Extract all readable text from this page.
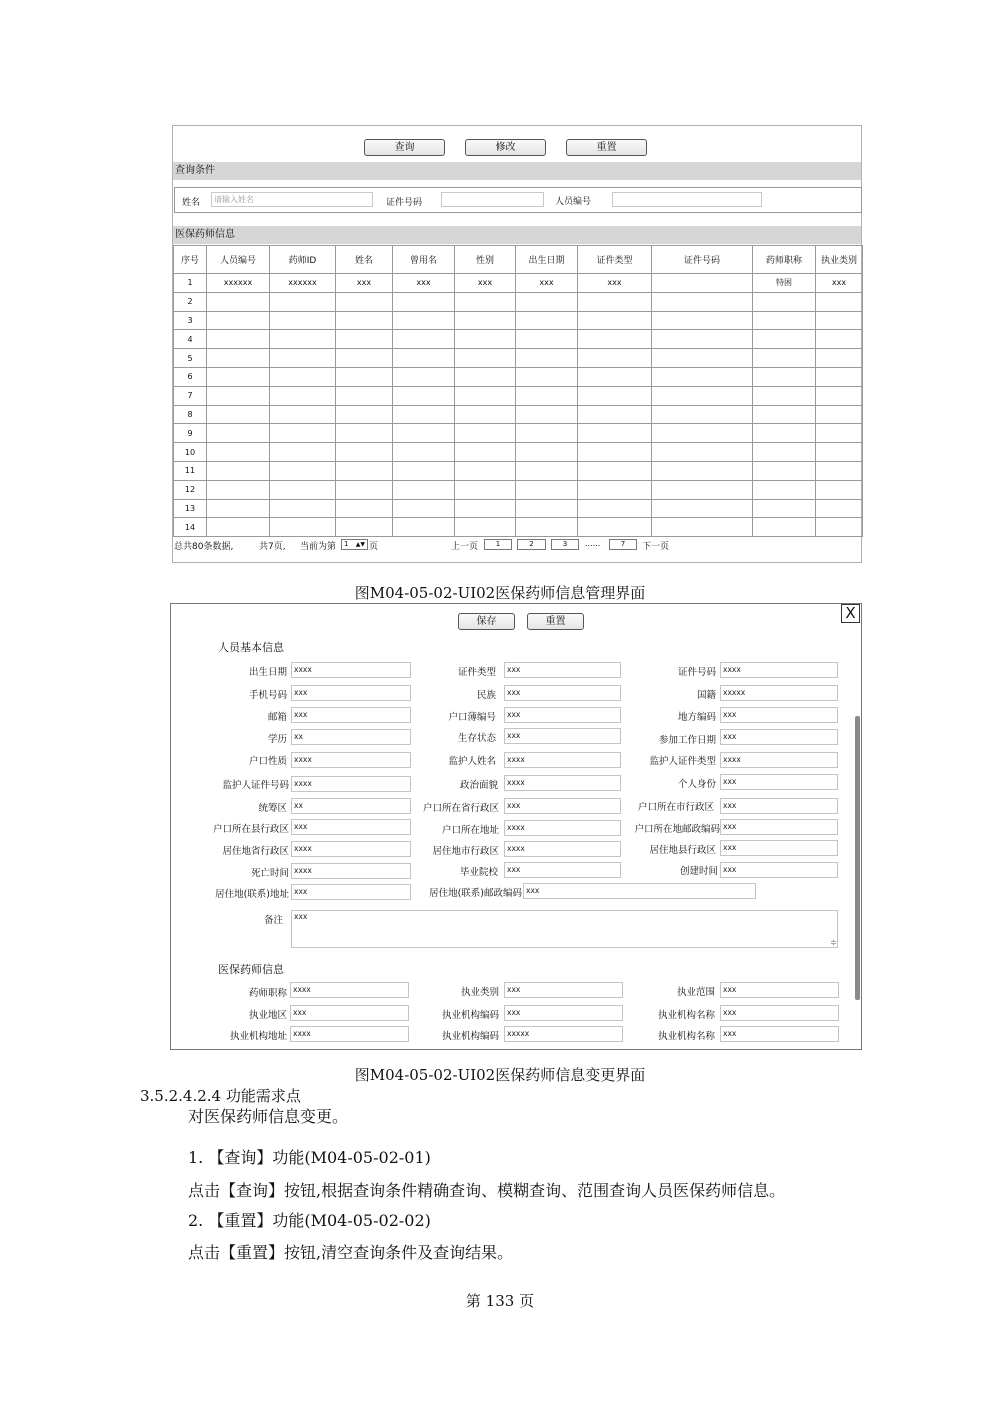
查询	修改	重置
查询条件
姓名	请输入姓名	证件号码	人员编号
医保药师信息
序号	人员编号	药师ID	姓名	曾用名	性别	出生日期	证件类型	证件号码	药师职称	执业类别
1	xxxxxx	xxxxxx	xxx	xxx	xxx	xxx	xxx		特困	xxx
2										
3										
4										
5										
6										
7										
8										
9										
10										
11										
12										
13										
14										
总共80条数据,	共7页, 当前为第	1 ▲▼ 页	上一页	1	2	3	......	7	下一页
图M04-05-02-UI02医保药师信息管理界面
X
保存	重置
人员基本信息
出生日期 xxxx	证件类型	xxx	证件号码 xxxx
手机号码 xxx	民族	xxx	国籍 xxxxx
邮箱 xxx	户口薄编号	xxx	地方编码 xxx
学历 xx	生存状态	xxx	参加工作日期 xxx
户口性质 xxxx	监护人姓名	xxxx	监护人证件类型 xxxx
监护人证件号码 xxxx	政治面貌	xxxx	个人身份 xxx
统筹区 xx	户口所在省行政区	xxx	户口所在市行政区	xxx
户口所在县行政区 xxx	户口所在地址	xxxx	户口所在地邮政编码 xxx
居住地省行政区 xxxx	居住地市行政区	xxxx	居住地县行政区 xxx
死亡时间 xxxx	毕业院校	xxx	创建时间 xxx
居住地(联系)地址 xxx	居住地(联系)邮政编码 xxx
备注	xxx
≑
医保药师信息
药师职称 xxxx	执业类别	xxx	执业范围	xxx
执业地区 xxx	执业机构编码	xxx	执业机构名称	xxx
执业机构地址 xxxx	执业机构编码	xxxxx	执业机构名称	xxx
图M04-05-02-UI02医保药师信息变更界面
3.5.2.4.2.4 功能需求点
对医保药师信息变更。
1. 【查询】功能(M04-05-02-01)
点击【查询】按钮,根据查询条件精确查询、模糊查询、范围查询人员医保药师信息。
2. 【重置】功能(M04-05-02-02)
点击【重置】按钮,清空查询条件及查询结果。
第 133 页
